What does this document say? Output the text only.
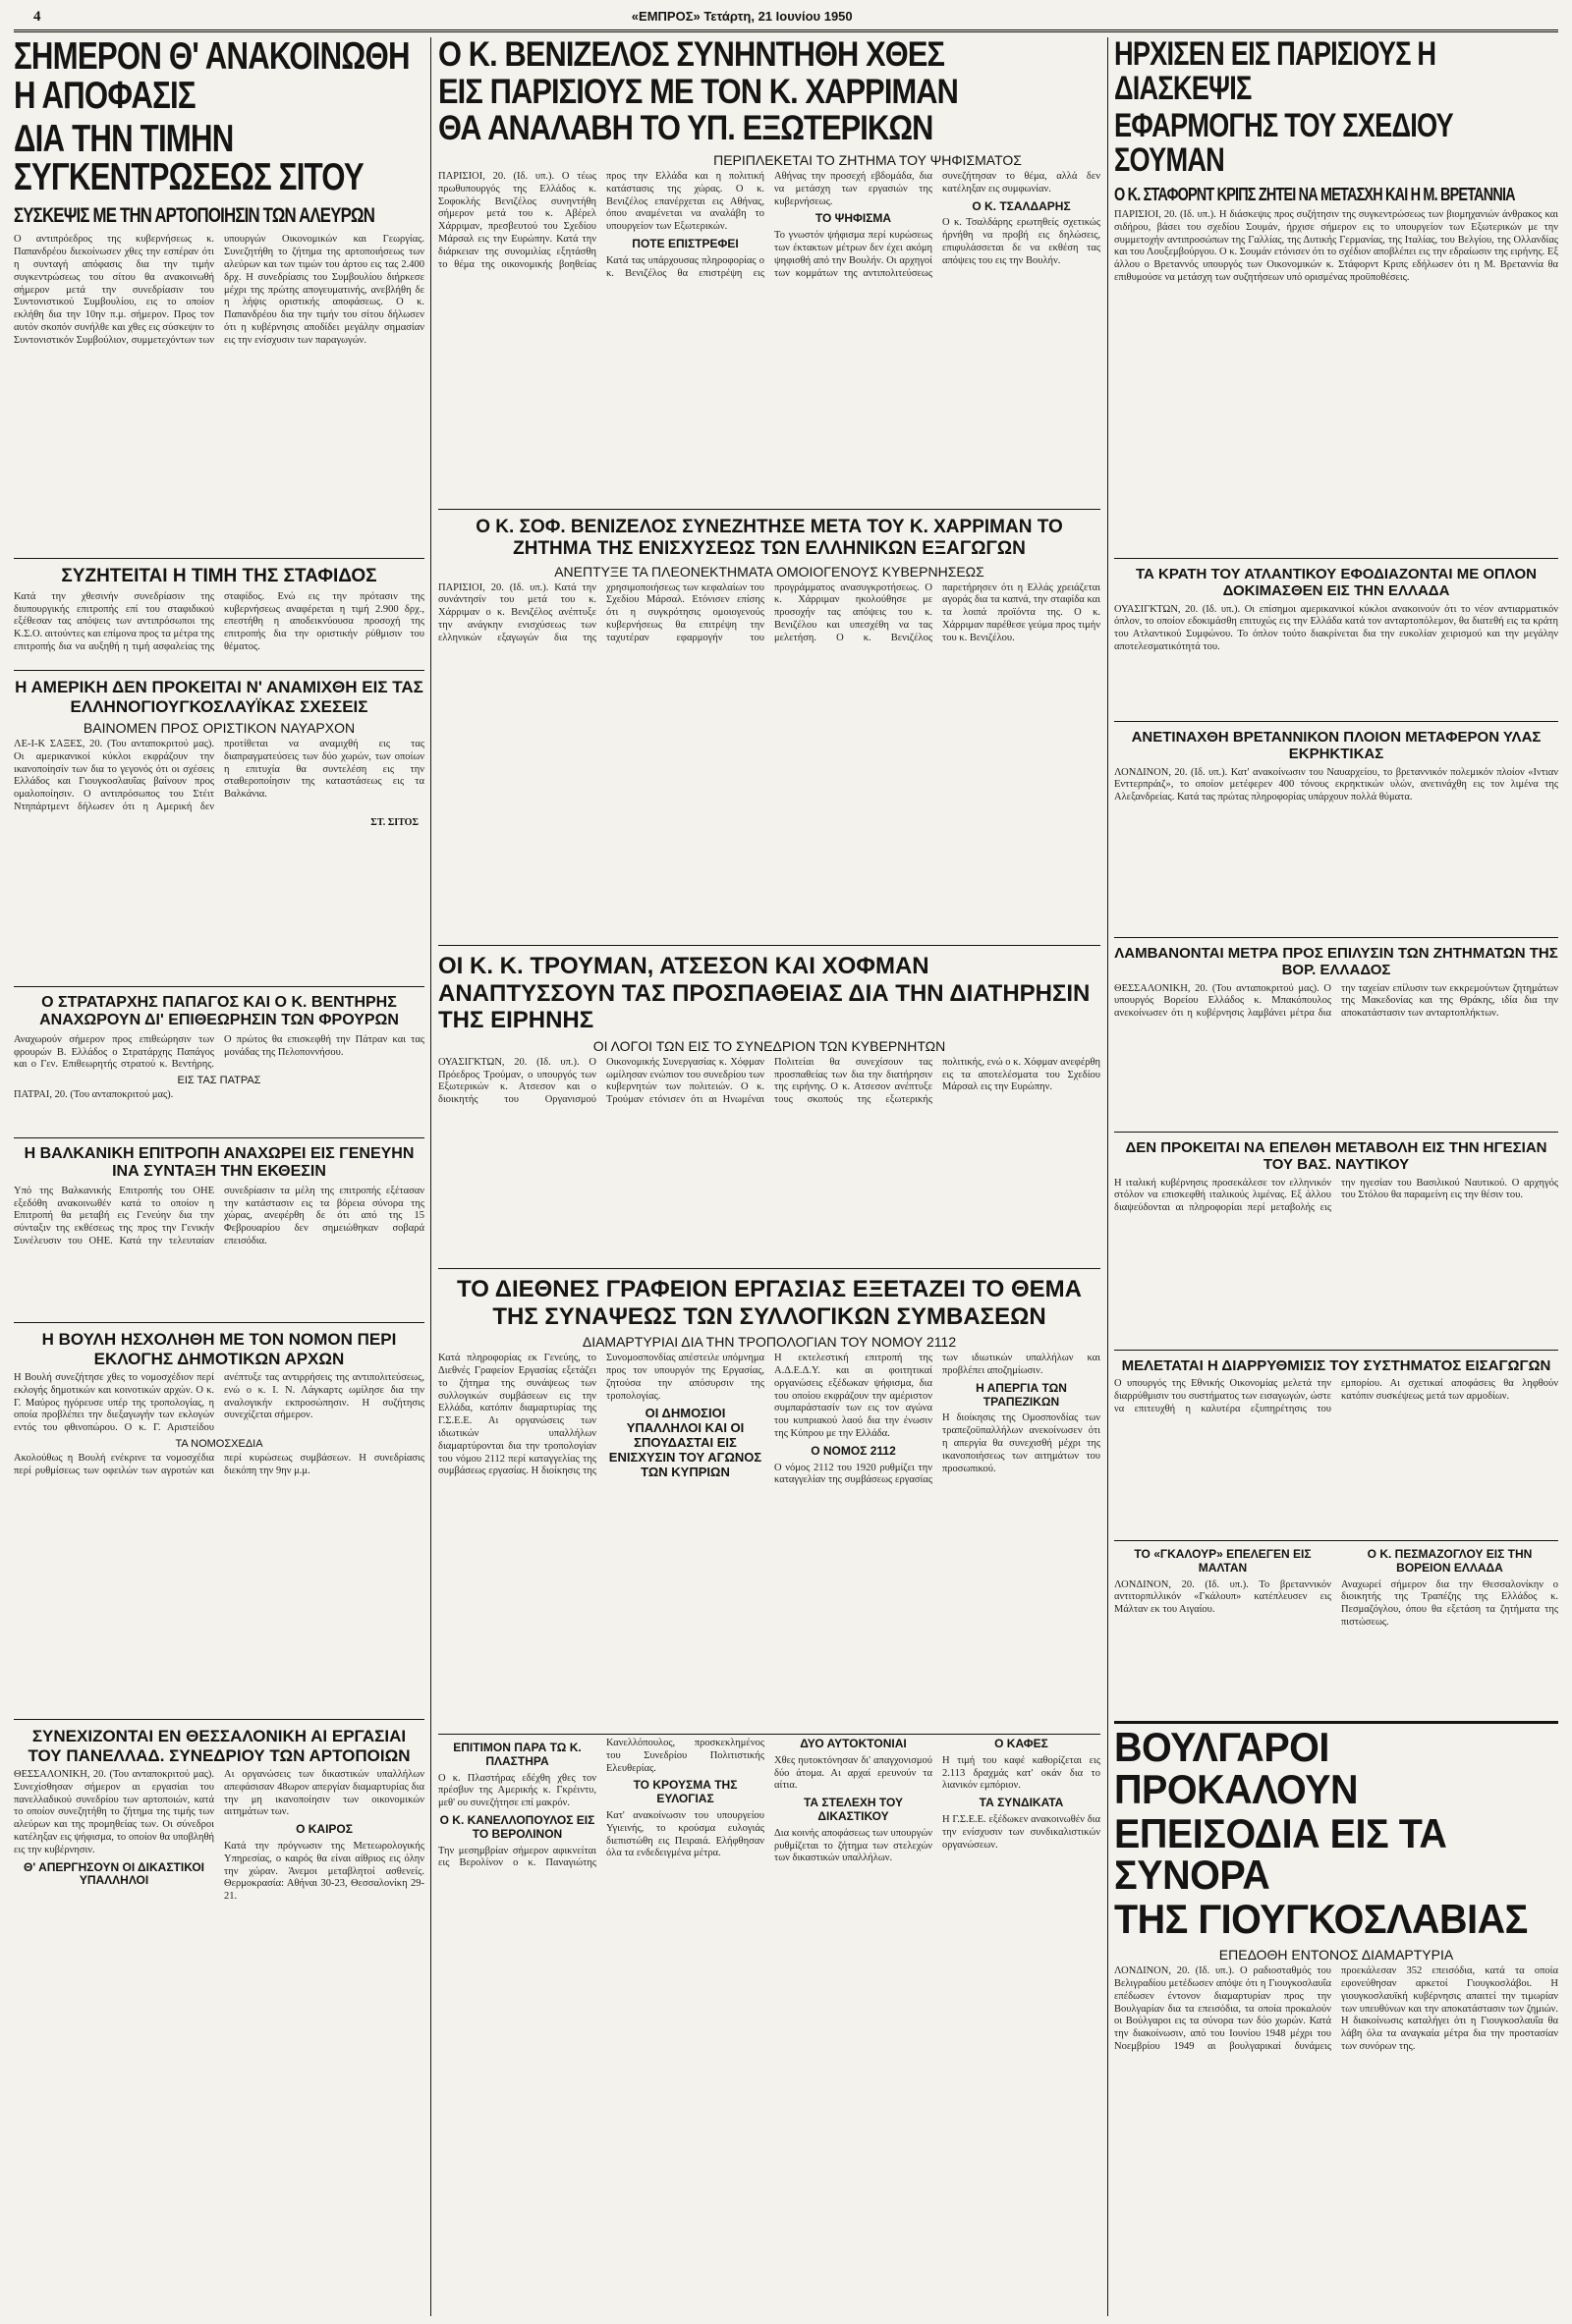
4	«ΕΜΠΡΟΣ» Τετάρτη, 21 Ιουνίου 1950

ΣΗΜΕΡΟΝ Θ' ΑΝΑΚΟΙΝΩΘΗ Η ΑΠΟΦΑΣΙΣ

ΔΙΑ ΤΗΝ ΤΙΜΗΝ ΣΥΓΚΕΝΤΡΩΣΕΩΣ ΣΙΤΟΥ

ΣΥΣΚΕΨΙΣ ΜΕ ΤΗΝ ΑΡΤΟΠΟΙΗΣΙΝ ΤΩΝ ΑΛΕΥΡΩΝ

Ο αντιπρόεδρος της κυβερνήσεως κ. Παπανδρέου διεκοίνωσεν χθες την εσπέραν ότι η συνταγή απόφασις δια την τιμήν συγκεντρώσεως του σίτου θα ανακοινωθή σήμερον μετά την συνεδρίασιν του Συντονιστικού Συμβουλίου, εις το οποίον εκλήθη δια την 10ην π.μ. σήμερον. Προς τον αυτόν σκοπόν συνήλθε και χθες εις σύσκεψιν το Συντονιστικόν Συμβούλιον, συμμετεχόντων των υπουργών Οικονομικών και Γεωργίας. Συνεζητήθη το ζήτημα της αρτοποιήσεως των αλεύρων και των τιμών του άρτου εις τας 2.400 δρχ. Η συνεδρίασις του Συμβουλίου διήρκεσε μέχρι της πρώτης απογευματινής, ανεβλήθη δε η λήψις οριστικής αποφάσεως. Ο κ. Παπανδρέου δια την τιμήν του σίτου δήλωσεν ότι η κυβέρνησις αποδίδει μεγάλην σημασίαν εις την ενίσχυσιν των παραγωγών.

ΣΥΖΗΤΕΙΤΑΙ Η ΤΙΜΗ ΤΗΣ ΣΤΑΦΙΔΟΣ

Κατά την χθεσινήν συνεδρίασιν της διυπουργικής επιτροπής επί του σταφιδικού εξέθεσαν τας απόψεις των αντιπρόσωποι της Κ.Σ.Ο. αιτούντες και επίμονα προς τα μέτρα της επιτροπής δια να αυξηθή η τιμή ασφαλείας της σταφίδος. Ενώ εις την πρότασιν της κυβερνήσεως αναφέρεται η τιμή 2.900 δρχ., επεστήθη η αποδεικνύουσα προσοχή της επιτροπής δια την οριστικήν ρύθμισιν του θέματος.

Η ΑΜΕΡΙΚΗ ΔΕΝ ΠΡΟΚΕΙΤΑΙ Ν' ΑΝΑΜΙΧΘΗ ΕΙΣ ΤΑΣ ΕΛΛΗΝΟΓΙΟΥΓΚΟΣΛΑΥΪΚΑΣ ΣΧΕΣΕΙΣ

ΒΑΙΝΟΜΕΝ ΠΡΟΣ ΟΡΙΣΤΙΚΟΝ ΝΑΥΑΡΧΟΝ

ΛΕ-Ι-Κ ΣΑΞΕΣ, 20. (Του ανταποκριτού μας). Οι αμερικανικοί κύκλοι εκφράζουν την ικανοποίησίν των δια το γεγονός ότι οι σχέσεις Ελλάδος και Γιουγκοσλαυΐας βαίνουν προς ομαλοποίησιν. Ο αντιπρόσωπος του Στέιτ Ντηπάρτμεντ δήλωσεν ότι η Αμερική δεν προτίθεται να αναμιχθή εις τας διαπραγματεύσεις των δύο χωρών, των οποίων η επιτυχία θα συντελέση εις την σταθεροποίησιν της καταστάσεως εις τα Βαλκάνια.

ΣΤ. ΣΙΤΟΣ

Ο ΣΤΡΑΤΑΡΧΗΣ ΠΑΠΑΓΟΣ ΚΑΙ Ο Κ. ΒΕΝΤΗΡΗΣ ΑΝΑΧΩΡΟΥΝ ΔΙ' ΕΠΙΘΕΩΡΗΣΙΝ ΤΩΝ ΦΡΟΥΡΩΝ

Αναχωρούν σήμερον προς επιθεώρησιν των φρουρών Β. Ελλάδος ο Στρατάρχης Παπάγος και ο Γεν. Επιθεωρητής στρατού κ. Βεντήρης. Ο πρώτος θα επισκεφθή την Πάτραν και τας μονάδας της Πελοποννήσου.

ΕΙΣ ΤΑΣ ΠΑΤΡΑΣ

ΠΑΤΡΑΙ, 20. (Του ανταποκριτού μας).

Η ΒΑΛΚΑΝΙΚΗ ΕΠΙΤΡΟΠΗ ΑΝΑΧΩΡΕΙ ΕΙΣ ΓΕΝΕΥΗΝ ΙΝΑ ΣΥΝΤΑΞΗ ΤΗΝ ΕΚΘΕΣΙΝ

Υπό της Βαλκανικής Επιτροπής του ΟΗΕ εξεδόθη ανακοινωθέν κατά το οποίον η Επιτροπή θα μεταβή εις Γενεύην δια την σύνταξιν της εκθέσεως της προς την Γενικήν Συνέλευσιν του ΟΗΕ. Κατά την τελευταίαν συνεδρίασιν τα μέλη της επιτροπής εξέτασαν την κατάστασιν εις τα βόρεια σύνορα της χώρας, ανεφέρθη δε ότι από της 15 Φεβρουαρίου δεν σημειώθηκαν σοβαρά επεισόδια.

Η ΒΟΥΛΗ ΗΣΧΟΛΗΘΗ ΜΕ ΤΟΝ ΝΟΜΟΝ ΠΕΡΙ ΕΚΛΟΓΗΣ ΔΗΜΟΤΙΚΩΝ ΑΡΧΩΝ

Η Βουλή συνεζήτησε χθες το νομοσχέδιον περί εκλογής δημοτικών και κοινοτικών αρχών. Ο κ. Γ. Μαύρος ηγόρευσε υπέρ της τροπολογίας, η οποία προβλέπει την διεξαγωγήν των εκλογών εντός του φθινοπώρου. Ο κ. Γ. Αριστείδου ανέπτυξε τας αντιρρήσεις της αντιπολιτεύσεως, ενώ ο κ. Ι. Ν. Λάγκαρτς ωμίλησε δια την αναλογικήν εκπροσώπησιν. Η συζήτησις συνεχίζεται σήμερον.

ΤΑ ΝΟΜΟΣΧΕΔΙΑ

Ακολούθως η Βουλή ενέκρινε τα νομοσχέδια περί ρυθμίσεως των οφειλών των αγροτών και περί κυρώσεως συμβάσεων. Η συνεδρίασις διεκόπη την 9ην μ.μ.

ΣΥΝΕΧΙΖΟΝΤΑΙ ΕΝ ΘΕΣΣΑΛΟΝΙΚΗ ΑΙ ΕΡΓΑΣΙΑΙ ΤΟΥ ΠΑΝΕΛΛΑΔ. ΣΥΝΕΔΡΙΟΥ ΤΩΝ ΑΡΤΟΠΟΙΩΝ

ΘΕΣΣΑΛΟΝΙΚΗ, 20. (Του ανταποκριτού μας). Συνεχίσθησαν σήμερον αι εργασίαι του πανελλαδικού συνεδρίου των αρτοποιών, κατά το οποίον συνεζητήθη το ζήτημα της τιμής των αλεύρων και της προμηθείας των. Οι σύνεδροι κατέληξαν εις ψήφισμα, το οποίον θα υποβληθή εις την κυβέρνησιν.

Θ' ΑΠΕΡΓΗΣΟΥΝ ΟΙ ΔΙΚΑΣΤΙΚΟΙ ΥΠΑΛΛΗΛΟΙ

Αι οργανώσεις των δικαστικών υπαλλήλων απεφάσισαν 48ωρον απεργίαν διαμαρτυρίας δια την μη ικανοποίησιν των οικονομικών αιτημάτων των.

Ο ΚΑΙΡΟΣ

Κατά την πρόγνωσιν της Μετεωρολογικής Υπηρεσίας, ο καιρός θα είναι αίθριος εις όλην την χώραν. Άνεμοι μεταβλητοί ασθενείς. Θερμοκρασία: Αθήναι 30-23, Θεσσαλονίκη 29-21.

Ο Κ. ΒΕΝΙΖΕΛΟΣ ΣΥΝΗΝΤΗΘΗ ΧΘΕΣ

ΕΙΣ ΠΑΡΙΣΙΟΥΣ ΜΕ ΤΟΝ Κ. ΧΑΡΡΙΜΑΝ

ΘΑ ΑΝΑΛΑΒΗ ΤΟ ΥΠ. ΕΞΩΤΕΡΙΚΩΝ

ΠΕΡΙΠΛΕΚΕΤΑΙ ΤΟ ΖΗΤΗΜΑ ΤΟΥ ΨΗΦΙΣΜΑΤΟΣ

ΠΑΡΙΣΙΟΙ, 20. (Ιδ. υπ.). Ο τέως πρωθυπουργός της Ελλάδος κ. Σοφοκλής Βενιζέλος συνηντήθη σήμερον μετά του κ. Αβέρελ Χάρριμαν, πρεσβευτού του Σχεδίου Μάρσαλ εις την Ευρώπην. Κατά την διάρκειαν της συνομιλίας εξητάσθη το θέμα της οικονομικής βοηθείας προς την Ελλάδα και η πολιτική κατάστασις της χώρας. Ο κ. Βενιζέλος επανέρχεται εις Αθήνας, όπου αναμένεται να αναλάβη το υπουργείον των Εξωτερικών.

ΠΟΤΕ ΕΠΙΣΤΡΕΦΕΙ

Κατά τας υπάρχουσας πληροφορίας ο κ. Βενιζέλος θα επιστρέψη εις Αθήνας την προσεχή εβδομάδα, δια να μετάσχη των εργασιών της κυβερνήσεως.

ΤΟ ΨΗΦΙΣΜΑ

Το γνωστόν ψήφισμα περί κυρώσεως των έκτακτων μέτρων δεν έχει ακόμη ψηφισθή από την Βουλήν. Οι αρχηγοί των κομμάτων της αντιπολιτεύσεως συνεζήτησαν το θέμα, αλλά δεν κατέληξαν εις συμφωνίαν.

Ο Κ. ΤΣΑΛΔΑΡΗΣ

Ο κ. Τσαλδάρης ερωτηθείς σχετικώς ήρνήθη να προβή εις δηλώσεις, επιφυλάσσεται δε να εκθέση τας απόψεις του εις την Βουλήν.

Ο Κ. ΣΟΦ. ΒΕΝΙΖΕΛΟΣ ΣΥΝΕΖΗΤΗΣΕ ΜΕΤΑ ΤΟΥ Κ. ΧΑΡΡΙΜΑΝ ΤΟ ΖΗΤΗΜΑ ΤΗΣ ΕΝΙΣΧΥΣΕΩΣ ΤΩΝ ΕΛΛΗΝΙΚΩΝ ΕΞΑΓΩΓΩΝ

ΑΝΕΠΤΥΞΕ ΤΑ ΠΛΕΟΝΕΚΤΗΜΑΤΑ ΟΜΟΙΟΓΕΝΟΥΣ ΚΥΒΕΡΝΗΣΕΩΣ

ΠΑΡΙΣΙΟΙ, 20. (Ιδ. υπ.). Κατά την συνάντησίν του μετά του κ. Χάρριμαν ο κ. Βενιζέλος ανέπτυξε την ανάγκην ενισχύσεως των ελληνικών εξαγωγών δια της χρησιμοποιήσεως των κεφαλαίων του Σχεδίου Μάρσαλ. Ετόνισεν επίσης ότι η συγκρότησις ομοιογενούς κυβερνήσεως θα επιτρέψη την ταχυτέραν εφαρμογήν του προγράμματος ανασυγκροτήσεως. Ο κ. Χάρριμαν ηκολούθησε με προσοχήν τας απόψεις του κ. Βενιζέλου και υπεσχέθη να τας μελετήση. Ο κ. Βενιζέλος παρετήρησεν ότι η Ελλάς χρειάζεται αγοράς δια τα καπνά, την σταφίδα και τα λοιπά προϊόντα της. Ο κ. Χάρριμαν παρέθεσε γεύμα προς τιμήν του κ. Βενιζέλου.

ΟΙ Κ. Κ. ΤΡΟΥΜΑΝ, ΑΤΣΕΣΟΝ ΚΑΙ ΧΟΦΜΑΝ ΑΝΑΠΤΥΣΣΟΥΝ ΤΑΣ ΠΡΟΣΠΑΘΕΙΑΣ ΔΙΑ ΤΗΝ ΔΙΑΤΗΡΗΣΙΝ ΤΗΣ ΕΙΡΗΝΗΣ

ΟΙ ΛΟΓΟΙ ΤΩΝ ΕΙΣ ΤΟ ΣΥΝΕΔΡΙΟΝ ΤΩΝ ΚΥΒΕΡΝΗΤΩΝ

ΟΥΑΣΙΓΚΤΩΝ, 20. (Ιδ. υπ.). Ο Πρόεδρος Τρούμαν, ο υπουργός των Εξωτερικών κ. Ατσεσον και ο διοικητής του Οργανισμού Οικονομικής Συνεργασίας κ. Χόφμαν ωμίλησαν ενώπιον του συνεδρίου των κυβερνητών των πολιτειών. Ο κ. Τρούμαν ετόνισεν ότι αι Ηνωμέναι Πολιτείαι θα συνεχίσουν τας προσπαθείας των δια την διατήρησιν της ειρήνης. Ο κ. Ατσεσον ανέπτυξε τους σκοπούς της εξωτερικής πολιτικής, ενώ ο κ. Χόφμαν ανεφέρθη εις τα αποτελέσματα του Σχεδίου Μάρσαλ εις την Ευρώπην.

ΤΟ ΔΙΕΘΝΕΣ ΓΡΑΦΕΙΟΝ ΕΡΓΑΣΙΑΣ ΕΞΕΤΑΖΕΙ ΤΟ ΘΕΜΑ ΤΗΣ ΣΥΝΑΨΕΩΣ ΤΩΝ ΣΥΛΛΟΓΙΚΩΝ ΣΥΜΒΑΣΕΩΝ

ΔΙΑΜΑΡΤΥΡΙΑΙ ΔΙΑ ΤΗΝ ΤΡΟΠΟΛΟΓΙΑΝ ΤΟΥ ΝΟΜΟΥ 2112

Κατά πληροφορίας εκ Γενεύης, το Διεθνές Γραφείον Εργασίας εξετάζει το ζήτημα της συνάψεως των συλλογικών συμβάσεων εις την Ελλάδα, κατόπιν διαμαρτυρίας της Γ.Σ.Ε.Ε. Αι οργανώσεις των ιδιωτικών υπαλλήλων διαμαρτύρονται δια την τροπολογίαν του νόμου 2112 περί καταγγελίας της συμβάσεως εργασίας. Η διοίκησις της Συνομοσπονδίας απέστειλε υπόμνημα προς τον υπουργόν της Εργασίας, ζητούσα την απόσυρσιν της τροπολογίας.

ΟΙ ΔΗΜΟΣΙΟΙ ΥΠΑΛΛΗΛΟΙ ΚΑΙ ΟΙ ΣΠΟΥΔΑΣΤΑΙ ΕΙΣ ΕΝΙΣΧΥΣΙΝ ΤΟΥ ΑΓΩΝΟΣ ΤΩΝ ΚΥΠΡΙΩΝ

Η εκτελεστική επιτροπή της Α.Δ.Ε.Δ.Υ. και αι φοιτητικαί οργανώσεις εξέδωκαν ψήφισμα, δια του οποίου εκφράζουν την αμέριστον συμπαράστασίν των εις τον αγώνα του κυπριακού λαού δια την ένωσιν της Κύπρου με την Ελλάδα.

Ο ΝΟΜΟΣ 2112

Ο νόμος 2112 του 1920 ρυθμίζει την καταγγελίαν της συμβάσεως εργασίας των ιδιωτικών υπαλλήλων και προβλέπει αποζημίωσιν.

Η ΑΠΕΡΓΙΑ ΤΩΝ ΤΡΑΠΕΖΙΚΩΝ

Η διοίκησις της Ομοσπονδίας των τραπεζοϋπαλλήλων ανεκοίνωσεν ότι η απεργία θα συνεχισθή μέχρι της ικανοποιήσεως των αιτημάτων του προσωπικού.

ΕΠΙΤΙΜΟΝ ΠΑΡΑ ΤΩ Κ. ΠΛΑΣΤΗΡΑ

Ο κ. Πλαστήρας εδέχθη χθες τον πρέσβυν της Αμερικής κ. Γκρέιντυ, μεθ' ου συνεζήτησε επί μακρόν.

Ο Κ. ΚΑΝΕΛΛΟΠΟΥΛΟΣ ΕΙΣ ΤΟ ΒΕΡΟΛΙΝΟΝ

Την μεσημβρίαν σήμερον αφικνείται εις Βερολίνον ο κ. Παναγιώτης Κανελλόπουλος, προσκεκλημένος του Συνεδρίου Πολιτιστικής Ελευθερίας.

ΤΟ ΚΡΟΥΣΜΑ ΤΗΣ ΕΥΛΟΓΙΑΣ

Κατ' ανακοίνωσιν του υπουργείου Υγιεινής, το κρούσμα ευλογιάς διεπιστώθη εις Πειραιά. Ελήφθησαν όλα τα ενδεδειγμένα μέτρα.

ΔΥΟ ΑΥΤΟΚΤΟΝΙΑΙ

Χθες ηυτοκτόνησαν δι' απαγχονισμού δύο άτομα. Αι αρχαί ερευνούν τα αίτια.

ΤΑ ΣΤΕΛΕΧΗ ΤΟΥ ΔΙΚΑΣΤΙΚΟΥ

Δια κοινής αποφάσεως των υπουργών ρυθμίζεται το ζήτημα των στελεχών των δικαστικών υπαλλήλων.

Ο ΚΑΦΕΣ

Η τιμή του καφέ καθορίζεται εις 2.113 δραχμάς κατ' οκάν δια το λιανικόν εμπόριον.

ΤΑ ΣΥΝΔΙΚΑΤΑ

Η Γ.Σ.Ε.Ε. εξέδωκεν ανακοινωθέν δια την ενίσχυσιν των συνδικαλιστικών οργανώσεων.

ΗΡΧΙΣΕΝ ΕΙΣ ΠΑΡΙΣΙΟΥΣ Η ΔΙΑΣΚΕΨΙΣ

ΕΦΑΡΜΟΓΗΣ ΤΟΥ ΣΧΕΔΙΟΥ ΣΟΥΜΑΝ

Ο Κ. ΣΤΑΦΟΡΝΤ ΚΡΙΠΣ ΖΗΤΕΙ ΝΑ ΜΕΤΑΣΧΗ ΚΑΙ Η Μ. ΒΡΕΤΑΝΝΙΑ

ΠΑΡΙΣΙΟΙ, 20. (Ιδ. υπ.). Η διάσκεψις προς συζήτησιν της συγκεντρώσεως των βιομηχανιών άνθρακος και σιδήρου, βάσει του σχεδίου Σουμάν, ήρχισε σήμερον εις το υπουργείον των Εξωτερικών με την συμμετοχήν αντιπροσώπων της Γαλλίας, της Δυτικής Γερμανίας, της Ιταλίας, του Βελγίου, της Ολλανδίας και του Λουξεμβούργου. Ο κ. Σουμάν ετόνισεν ότι το σχέδιον αποβλέπει εις την εδραίωσιν της ειρήνης. Εξ άλλου ο Βρεταννός υπουργός των Οικονομικών κ. Στάφορντ Κριπς εδήλωσεν ότι η Μ. Βρεταννία θα επιθυμούσε να μετάσχη των συζητήσεων υπό ορισμένας προϋποθέσεις.

ΤΑ ΚΡΑΤΗ ΤΟΥ ΑΤΛΑΝΤΙΚΟΥ ΕΦΟΔΙΑΖΟΝΤΑΙ ΜΕ ΟΠΛΟΝ ΔΟΚΙΜΑΣΘΕΝ ΕΙΣ ΤΗΝ ΕΛΛΑΔΑ

ΟΥΑΣΙΓΚΤΩΝ, 20. (Ιδ. υπ.). Οι επίσημοι αμερικανικοί κύκλοι ανακοινούν ότι το νέον αντιαρματικόν όπλον, το οποίον εδοκιμάσθη επιτυχώς εις την Ελλάδα κατά τον ανταρτοπόλεμον, θα διατεθή εις τα κράτη του Ατλαντικού Συμφώνου. Το όπλον τούτο διακρίνεται δια την ευκολίαν χειρισμού και την μεγάλην αποτελεσματικότητά του.

ΑΝΕΤΙΝΑΧΘΗ ΒΡΕΤΑΝΝΙΚΟΝ ΠΛΟΙΟΝ ΜΕΤΑΦΕΡΟΝ ΥΛΑΣ ΕΚΡΗΚΤΙΚΑΣ

ΛΟΝΔΙΝΟΝ, 20. (Ιδ. υπ.). Κατ' ανακοίνωσιν του Ναυαρχείου, το βρεταννικόν πολεμικόν πλοίον «Ιντιαν Ενττερπράιζ», το οποίον μετέφερεν 400 τόνους εκρηκτικών υλών, ανετινάχθη εις τον λιμένα της Αλεξανδρείας. Κατά τας πρώτας πληροφορίας υπάρχουν πολλά θύματα.

ΛΑΜΒΑΝΟΝΤΑΙ ΜΕΤΡΑ ΠΡΟΣ ΕΠΙΛΥΣΙΝ ΤΩΝ ΖΗΤΗΜΑΤΩΝ ΤΗΣ ΒΟΡ. ΕΛΛΑΔΟΣ

ΘΕΣΣΑΛΟΝΙΚΗ, 20. (Του ανταποκριτού μας). Ο υπουργός Βορείου Ελλάδος κ. Μπακόπουλος ανεκοίνωσεν ότι η κυβέρνησις λαμβάνει μέτρα δια την ταχείαν επίλυσιν των εκκρεμούντων ζητημάτων της Μακεδονίας και της Θράκης, ιδία δια την αποκατάστασιν των ανταρτοπλήκτων.

ΔΕΝ ΠΡΟΚΕΙΤΑΙ ΝΑ ΕΠΕΛΘΗ ΜΕΤΑΒΟΛΗ ΕΙΣ ΤΗΝ ΗΓΕΣΙΑΝ ΤΟΥ ΒΑΣ. ΝΑΥΤΙΚΟΥ

Η ιταλική κυβέρνησις προσεκάλεσε τον ελληνικόν στόλον να επισκεφθή ιταλικούς λιμένας. Εξ άλλου διαψεύδονται αι πληροφορίαι περί μεταβολής εις την ηγεσίαν του Βασιλικού Ναυτικού. Ο αρχηγός του Στόλου θα παραμείνη εις την θέσιν του.

ΜΕΛΕΤΑΤΑΙ Η ΔΙΑΡΡΥΘΜΙΣΙΣ ΤΟΥ ΣΥΣΤΗΜΑΤΟΣ ΕΙΣΑΓΩΓΩΝ

Ο υπουργός της Εθνικής Οικονομίας μελετά την διαρρύθμισιν του συστήματος των εισαγωγών, ώστε να επιτευχθή η καλυτέρα εξυπηρέτησις του εμπορίου. Αι σχετικαί αποφάσεις θα ληφθούν κατόπιν συσκέψεως μετά των αρμοδίων.

ΤΟ «ΓΚΑΛΟΥΡ» ΕΠΕΛΕΓΕΝ ΕΙΣ ΜΑΛΤΑΝ

ΛΟΝΔΙΝΟΝ, 20. (Ιδ. υπ.). Το βρεταννικόν αντιτορπιλλικόν «Γκάλουπ» κατέπλευσεν εις Μάλταν εκ του Αιγαίου.

Ο Κ. ΠΕΣΜΑΖΟΓΛΟΥ ΕΙΣ ΤΗΝ ΒΟΡΕΙΟΝ ΕΛΛΑΔΑ

Αναχωρεί σήμερον δια την Θεσσαλονίκην ο διοικητής της Τραπέζης της Ελλάδος κ. Πεσμαζόγλου, όπου θα εξετάση τα ζητήματα της πιστώσεως.

ΒΟΥΛΓΑΡΟΙ ΠΡΟΚΑΛΟΥΝ

ΕΠΕΙΣΟΔΙΑ ΕΙΣ ΤΑ ΣΥΝΟΡΑ

ΤΗΣ ΓΙΟΥΓΚΟΣΛΑΒΙΑΣ

ΕΠΕΔΟΘΗ ΕΝΤΟΝΟΣ ΔΙΑΜΑΡΤΥΡΙΑ

ΛΟΝΔΙΝΟΝ, 20. (Ιδ. υπ.). Ο ραδιοσταθμός του Βελιγραδίου μετέδωσεν απόψε ότι η Γιουγκοσλαυΐα επέδωσεν έντονον διαμαρτυρίαν προς την Βουλγαρίαν δια τα επεισόδια, τα οποία προκαλούν οι Βούλγαροι εις τα σύνορα των δύο χωρών. Κατά την διακοίνωσιν, από του Ιουνίου 1948 μέχρι του Νοεμβρίου 1949 αι βουλγαρικαί δυνάμεις προεκάλεσαν 352 επεισόδια, κατά τα οποία εφονεύθησαν αρκετοί Γιουγκοσλάβοι. Η γιουγκοσλαυϊκή κυβέρνησις απαιτεί την τιμωρίαν των υπευθύνων και την αποκατάστασιν των ζημιών. Η διακοίνωσις καταλήγει ότι η Γιουγκοσλαυΐα θα λάβη όλα τα αναγκαία μέτρα δια την προστασίαν των συνόρων της.
